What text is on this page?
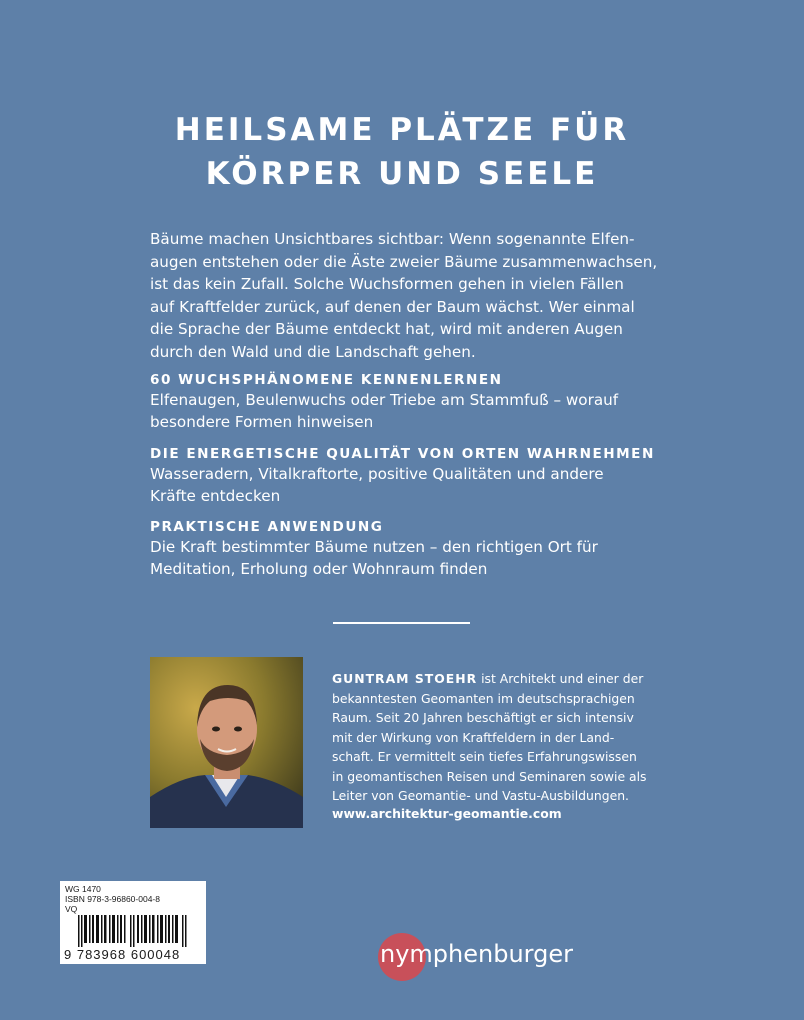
HEILSAME PLÄTZE FÜR
KÖRPER UND SEELE

Bäume machen Unsichtbares sichtbar: Wenn sogenannte Elfen-
augen entstehen oder die Äste zweier Bäume zusammenwachsen,
ist das kein Zufall. Solche Wuchsformen gehen in vielen Fällen
auf Kraftfelder zurück, auf denen der Baum wächst. Wer einmal
die Sprache der Bäume entdeckt hat, wird mit anderen Augen
durch den Wald und die Landschaft gehen.

60 WUCHSPHÄNOMENE KENNENLERNEN

Elfenaugen, Beulenwuchs oder Triebe am Stammfuß – worauf
besondere Formen hinweisen

DIE ENERGETISCHE QUALITÄT VON ORTEN WAHRNEHMEN

Wasseradern, Vitalkraftorte, positive Qualitäten und andere
Kräfte entdecken

PRAKTISCHE ANWENDUNG

Die Kraft bestimmter Bäume nutzen – den richtigen Ort für
Meditation, Erholung oder Wohnraum finden

GUNTRAM STOEHR ist Architekt und einer der
bekanntesten Geomanten im deutschsprachigen
Raum. Seit 20 Jahren beschäftigt er sich intensiv
mit der Wirkung von Kraftfeldern in der Land-
schaft. Er vermittelt sein tiefes Erfahrungswissen
in geomantischen Reisen und Seminaren sowie als
Leiter von Geomantie- und Vastu-Ausbildungen.

www.architektur-geomantie.com

WG 1470
ISBN 978-3-96860-004-8
VQ
9 783968 600048	nymphenburger
